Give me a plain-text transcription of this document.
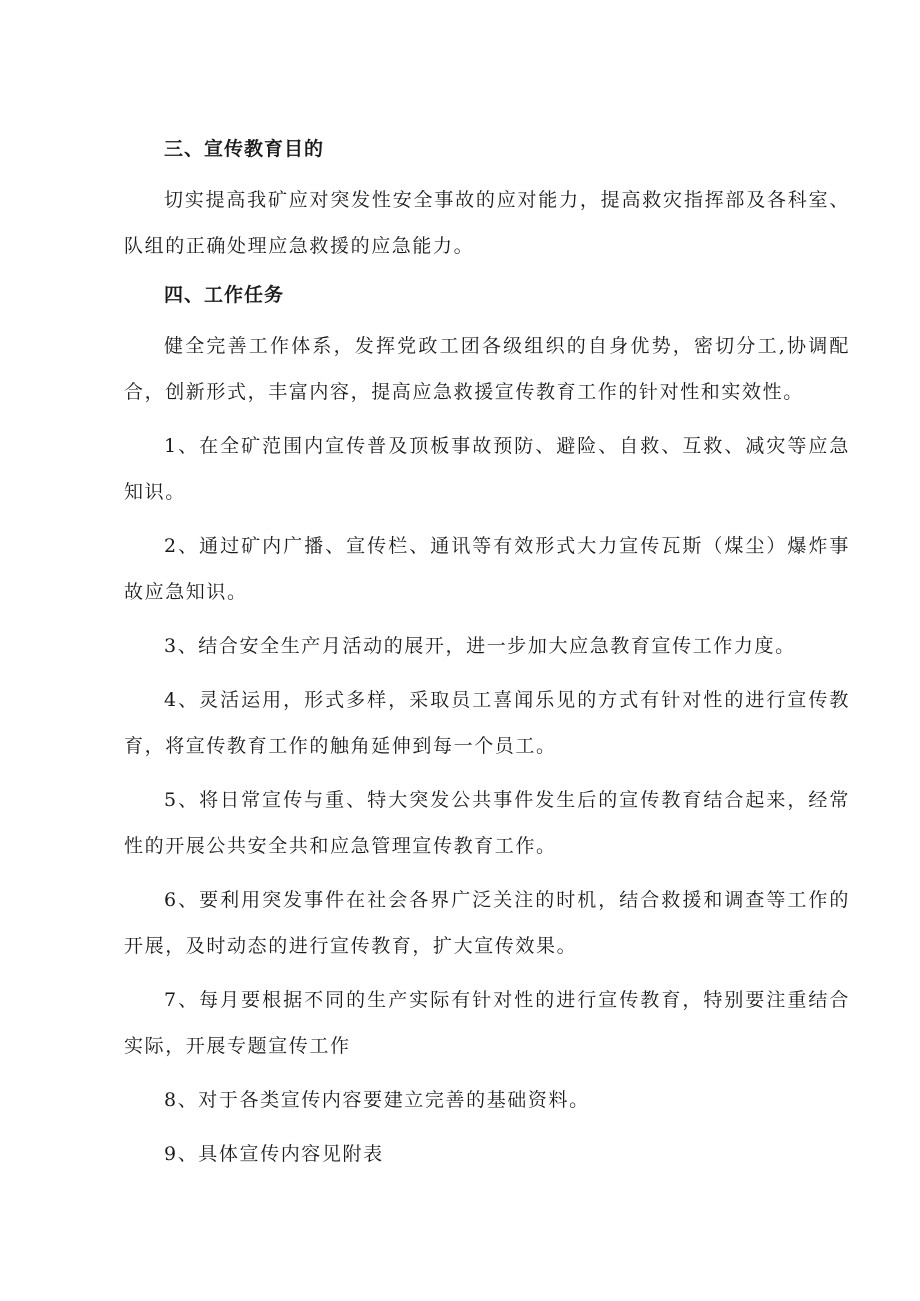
三、宣传教育目的

切实提高我矿应对突发性安全事故的应对能力，提高救灾指挥部及各科室、队组的正确处理应急救援的应急能力。

四、工作任务

健全完善工作体系，发挥党政工团各级组织的自身优势，密切分工,协调配合，创新形式，丰富内容，提高应急救援宣传教育工作的针对性和实效性。

1、在全矿范围内宣传普及顶板事故预防、避险、自救、互救、减灾等应急知识。

2、通过矿内广播、宣传栏、通讯等有效形式大力宣传瓦斯（煤尘）爆炸事故应急知识。

3、结合安全生产月活动的展开，进一步加大应急教育宣传工作力度。

4、灵活运用，形式多样，采取员工喜闻乐见的方式有针对性的进行宣传教育，将宣传教育工作的触角延伸到每一个员工。

5、将日常宣传与重、特大突发公共事件发生后的宣传教育结合起来，经常性的开展公共安全共和应急管理宣传教育工作。

6、要利用突发事件在社会各界广泛关注的时机，结合救援和调查等工作的开展，及时动态的进行宣传教育，扩大宣传效果。

7、每月要根据不同的生产实际有针对性的进行宣传教育，特别要注重结合实际，开展专题宣传工作

8、对于各类宣传内容要建立完善的基础资料。

9、具体宣传内容见附表
